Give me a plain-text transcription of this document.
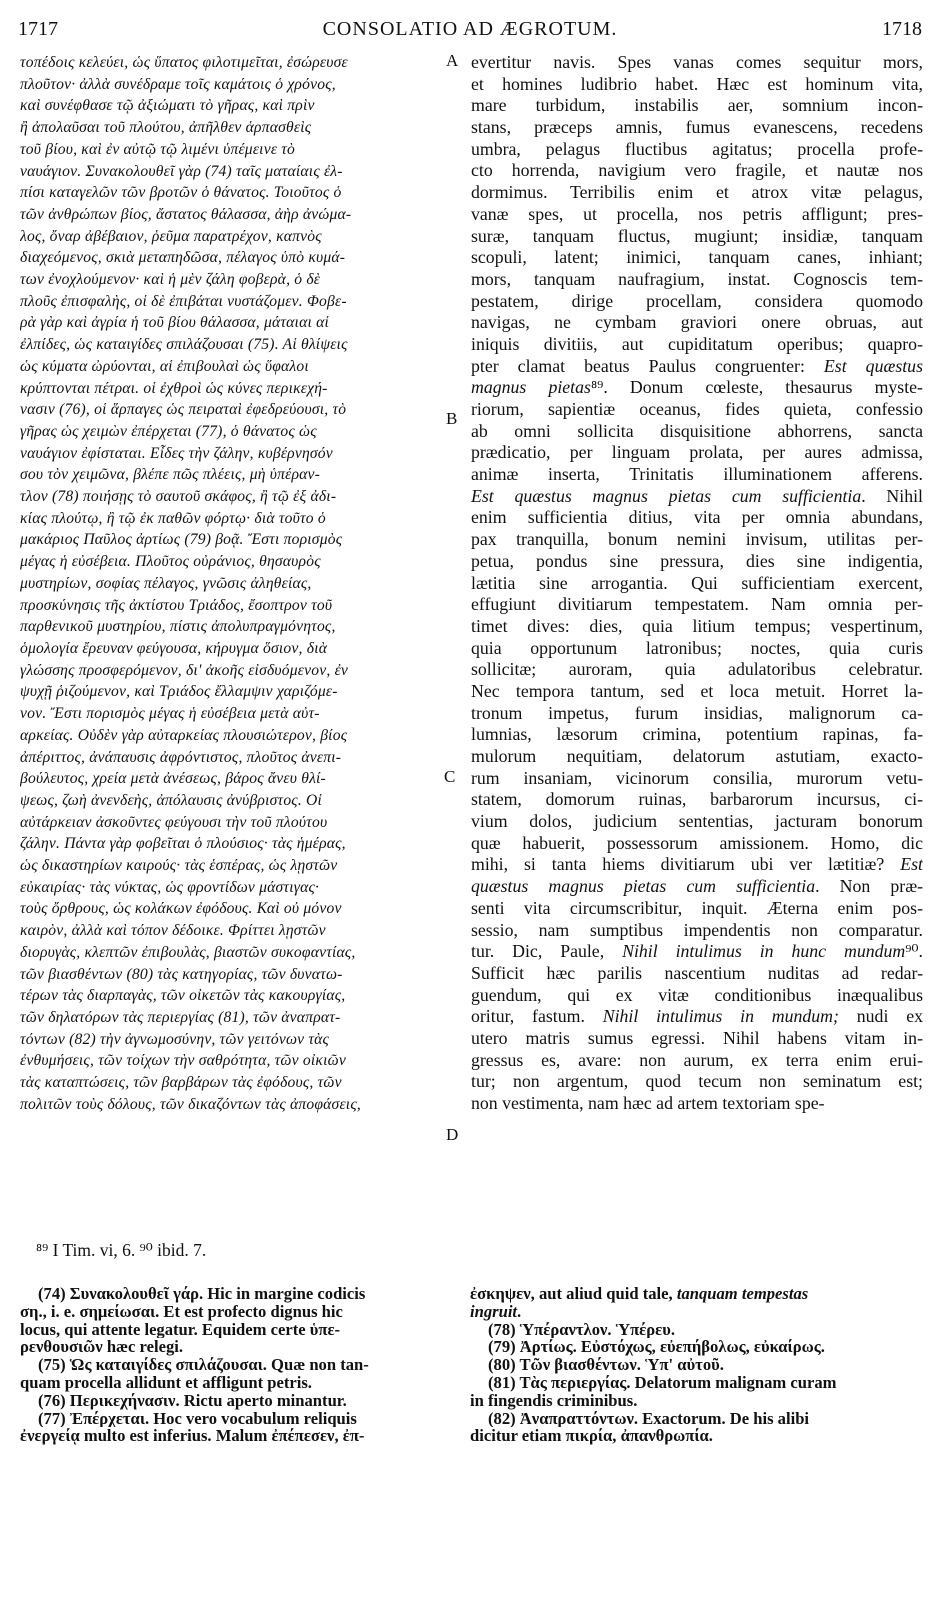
1717	CONSOLATIO AD ÆGROTUM.	1718
τοπέδοις κελεύει, ὡς ὕπατος φιλοτιμεῖται, ἐσώρευσε
πλοῦτον· ἀλλὰ συνέδραμε τοῖς καμάτοις ὁ χρόνος,
καὶ συνέφθασε τῷ ἀξιώματι τὸ γῆρας, καὶ πρὶν
ἢ ἀπολαῦσαι τοῦ πλούτου, ἀπῆλθεν ἁρπασθεὶς
τοῦ βίου, καὶ ἐν αὐτῷ τῷ λιμένι ὑπέμεινε τὸ
ναυάγιον. Συνακολουθεῖ γὰρ (74) ταῖς ματαίαις ἐλ-
πίσι καταγελῶν τῶν βροτῶν ὁ θάνατος. Τοιοῦτος ὁ
τῶν ἀνθρώπων βίος, ἄστατος θάλασσα, ἀὴρ ἀνώμα-
λος, ὄναρ ἀβέβαιον, ῥεῦμα παρατρέχον, καπνὸς
διαχεόμενος, σκιὰ μεταπηδῶσα, πέλαγος ὑπὸ κυμά-
των ἐνοχλούμενον· καὶ ἡ μὲν ζάλη φοβερὰ, ὁ δὲ
πλοῦς ἐπισφαλὴς, οἱ δὲ ἐπιβάται νυστάζομεν. Φοβε-
ρὰ γὰρ καὶ ἀγρία ἡ τοῦ βίου θάλασσα, μάταιαι αἱ
ἐλπίδες, ὡς καταιγίδες σπιλάζουσαι (75). Αἱ θλίψεις
ὡς κύματα ὠρύονται, αἱ ἐπιβουλαὶ ὡς ὕφαλοι
κρύπτονται πέτραι. οἱ ἐχθροὶ ὡς κύνες περικεχή-
νασιν (76), οἱ ἅρπαγες ὡς πειραταὶ ἐφεδρεύουσι, τὸ
γῆρας ὡς χειμὼν ἐπέρχεται (77), ὁ θάνατος ὡς
ναυάγιον ἐφίσταται. Εἶδες τὴν ζάλην, κυβέρνησόν
σου τὸν χειμῶνα, βλέπε πῶς πλέεις, μὴ ὑπέραν-
τλον (78) ποιήσῃς τὸ σαυτοῦ σκάφος, ἢ τῷ ἐξ ἀδι-
κίας πλούτῳ, ἢ τῷ ἐκ παθῶν φόρτῳ· διὰ τοῦτο ὁ
μακάριος Παῦλος ἀρτίως (79) βοᾷ. Ἔστι πορισμὸς
μέγας ἡ εὐσέβεια. Πλοῦτος οὐράνιος, θησαυρὸς
μυστηρίων, σοφίας πέλαγος, γνῶσις ἀληθείας,
προσκύνησις τῆς ἀκτίστου Τριάδος, ἔσοπτρον τοῦ
παρθενικοῦ μυστηρίου, πίστις ἀπολυπραγμόνητος,
ὁμολογία ἔρευναν φεύγουσα, κήρυγμα ὅσιον, διὰ
γλώσσης προσφερόμενον, δι' ἀκοῆς εἰσδυόμενον, ἐν
ψυχῇ ῥιζούμενον, καὶ Τριάδος ἔλλαμψιν χαριζόμε-
νον. Ἔστι πορισμὸς μέγας ἡ εὐσέβεια μετὰ αὐτ-
αρκείας. Οὐδὲν γὰρ αὐταρκείας πλουσιώτερον, βίος
ἀπέριττος, ἀνάπαυσις ἀφρόντιστος, πλοῦτος ἀνεπι-
βούλευτος, χρεία μετὰ ἀνέσεως, βάρος ἄνευ θλί-
ψεως, ζωὴ ἀνενδεὴς, ἀπόλαυσις ἀνύβριστος. Οἱ
αὐτάρκειαν ἀσκοῦντες φεύγουσι τὴν τοῦ πλούτου
ζάλην. Πάντα γὰρ φοβεῖται ὁ πλούσιος· τὰς ἡμέρας,
ὡς δικαστηρίων καιρούς· τὰς ἑσπέρας, ὡς λῃστῶν
εὐκαιρίας· τὰς νύκτας, ὡς φροντίδων μάστιγας·
τοὺς ὄρθρους, ὡς κολάκων ἐφόδους. Καὶ οὐ μόνον
καιρὸν, ἀλλὰ καὶ τόπον δέδοικε. Φρίττει λῃστῶν
διορυγὰς, κλεπτῶν ἐπιβουλὰς, βιαστῶν συκοφαντίας,
τῶν βιασθέντων (80) τὰς κατηγορίας, τῶν δυνατω-
τέρων τὰς διαρπαγὰς, τῶν οἰκετῶν τὰς κακουργίας,
τῶν δηλατόρων τὰς περιεργίας (81), τῶν ἀναπρατ-
τόντων (82) τὴν ἀγνωμοσύνην, τῶν γειτόνων τὰς
ἐνθυμήσεις, τῶν τοίχων τὴν σαθρότητα, τῶν οἰκιῶν
τὰς καταπτώσεις, τῶν βαρβάρων τὰς ἐφόδους, τῶν
πολιτῶν τοὺς δόλους, τῶν δικαζόντων τὰς ἀποφάσεις,
A
B
C
D
evertitur navis. Spes vanas comes sequitur mors,
et homines ludibrio habet. Hæc est hominum vita,
mare turbidum, instabilis aer, somnium incon-
stans, præceps amnis, fumus evanescens, recedens
umbra, pelagus fluctibus agitatus; procella profe-
cto horrenda, navigium vero fragile, et nautæ nos
dormimus. Terribilis enim et atrox vitæ pelagus,
vanæ spes, ut procella, nos petris affligunt; pres-
suræ, tanquam fluctus, mugiunt; insidiæ, tanquam
scopuli, latent; inimici, tanquam canes, inhiant;
mors, tanquam naufragium, instat. Cognoscis tem-
pestatem, dirige procellam, considera quomodo
navigas, ne cymbam graviori onere obruas, aut
iniquis divitiis, aut cupiditatum operibus; quapro-
pter clamat beatus Paulus congruenter: Est quæstus
magnus pietas⁸⁹. Donum cœleste, thesaurus myste-
riorum, sapientiæ oceanus, fides quieta, confessio
ab omni sollicita disquisitione abhorrens, sancta
prædicatio, per linguam prolata, per aures admissa,
animæ inserta, Trinitatis illuminationem afferens.
Est quæstus magnus pietas cum sufficientia. Nihil
enim sufficientia ditius, vita per omnia abundans,
pax tranquilla, bonum nemini invisum, utilitas per-
petua, pondus sine pressura, dies sine indigentia,
lætitia sine arrogantia. Qui sufficientiam exercent,
effugiunt divitiarum tempestatem. Nam omnia per-
timet dives: dies, quia litium tempus; vespertinum,
quia opportunum latronibus; noctes, quia curis
sollicitæ; auroram, quia adulatoribus celebratur.
Nec tempora tantum, sed et loca metuit. Horret la-
tronum impetus, furum insidias, malignorum ca-
lumnias, læsorum crimina, potentium rapinas, fa-
mulorum nequitiam, delatorum astutiam, exacto-
rum insaniam, vicinorum consilia, murorum vetu-
statem, domorum ruinas, barbarorum incursus, ci-
vium dolos, judicium sententias, jacturam bonorum
quæ habuerit, possessorum amissionem. Homo, dic
mihi, si tanta hiems divitiarum ubi ver lætitiæ? Est
quæstus magnus pietas cum sufficientia. Non præ-
senti vita circumscribitur, inquit. Æterna enim pos-
sessio, nam sumptibus impendentis non comparatur.
tur. Dic, Paule, Nihil intulimus in hunc mundum⁹⁰.
Sufficit hæc parilis nascentium nuditas ad redar-
guendum, qui ex vitæ conditionibus inæqualibus
oritur, fastum. Nihil intulimus in mundum; nudi ex
utero matris sumus egressi. Nihil habens vitam in-
gressus es, avare: non aurum, ex terra enim erui-
tur; non argentum, quod tecum non seminatum est;
non vestimenta, nam hæc ad artem textoriam spe-
⁸⁹ I Tim. vi, 6. ⁹⁰ ibid. 7.
(74) Συνακολουθεῖ γάρ. Hic in margine codicis
ση., i. e. σημείωσαι. Et est profecto dignus hic
locus, qui attente legatur. Equidem certe ὑπε-
ρενθουσιῶν hæc relegi.
(75) Ὡς καταιγίδες σπιλάζουσαι. Quæ non tan-
quam procella allidunt et affligunt petris.
(76) Περικεχήνασιν. Rictu aperto minantur.
(77) Ἐπέρχεται. Hoc vero vocabulum reliquis
ἐνεργείᾳ multo est inferius. Malum ἐπέπεσεν, ἐπ-
ἐσκηψεν, aut aliud quid tale, tanquam tempestas
ingruit.
(78) Ὑπέραντλον. Ὑπέρευ.
(79) Ἀρτίως. Εὐστόχως, εὐεπήβολως, εὐκαίρως.
(80) Τῶν βιασθέντων. Ὑπ' αὐτοῦ.
(81) Τὰς περιεργίας. Delatorum malignam curam
in fingendis criminibus.
(82) Ἀναπραττόντων. Exactorum. De his alibi
dicitur etiam πικρία, ἀπανθρωπία.
